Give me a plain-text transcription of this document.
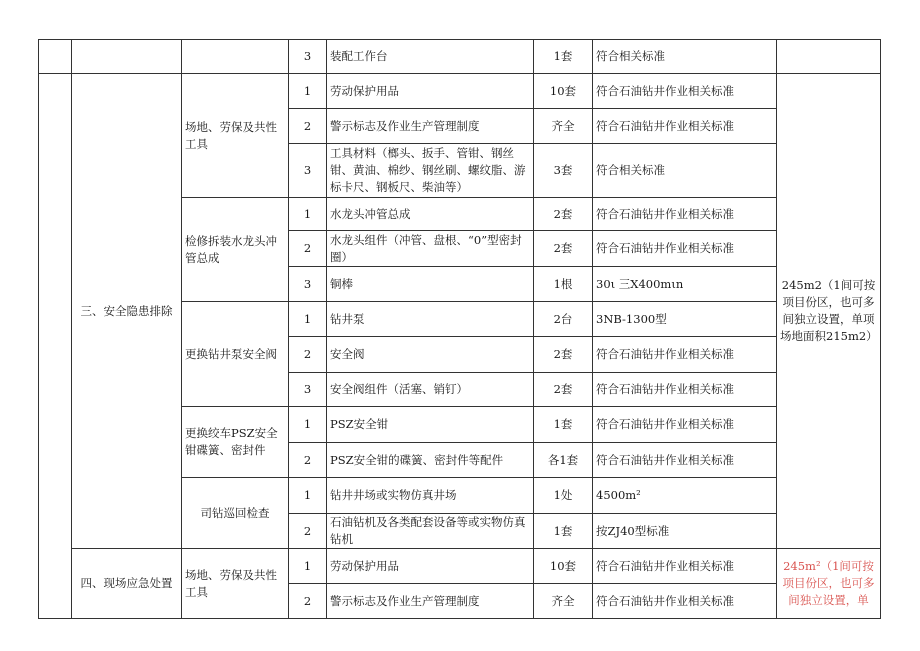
			3	装配工作台	1套	符合相关标准	
	三、安全隐患排除	场地、劳保及共性工具	1	劳动保护用品	10套	符合石油钻井作业相关标准	245m2（1间可按项目份区，也可多间独立设置，单项场地面积215m2）
			2	警示标志及作业生产管理制度	齐全	符合石油钻井作业相关标准	
			3	工具材料（榔头、扳手、管钳、钢丝钳、黄油、棉纱、钢丝刷、螺纹脂、游标卡尺、钢板尺、柴油等）	3套	符合相关标准	
		检修拆装水龙头冲管总成	1	水龙头冲管总成	2套	符合石油钻井作业相关标准	
			2	水龙头组件（冲管、盘根、“0”型密封圈）	2套	符合石油钻井作业相关标准	
			3	铜棒	1根	30ι 三X400mιn	
		更换钻井泵安全阀	1	钻井泵	2台	3NB-1300型	
			2	安全阀	2套	符合石油钻井作业相关标准	
			3	安全阀组件（活塞、销钉）	2套	符合石油钻井作业相关标准	
		更换绞车PSZ安全钳碟簧、密封件	1	PSZ安全钳	1套	符合石油钻井作业相关标准	
			2	PSZ安全钳的碟簧、密封件等配件	各1套	符合石油钻井作业相关标准	
		司钻巡回检查	1	钻井井场或实物仿真井场	1处	4500m²	
			2	石油钻机及各类配套设备等或实物仿真钻机	1套	按ZJ40型标准	
	四、现场应急处置	场地、劳保及共性工具	1	劳动保护用品	10套	符合石油钻井作业相关标准	245m²（1间可按项目份区，也可多间独立设置，单
			2	警示标志及作业生产管理制度	齐全	符合石油钻井作业相关标准	
